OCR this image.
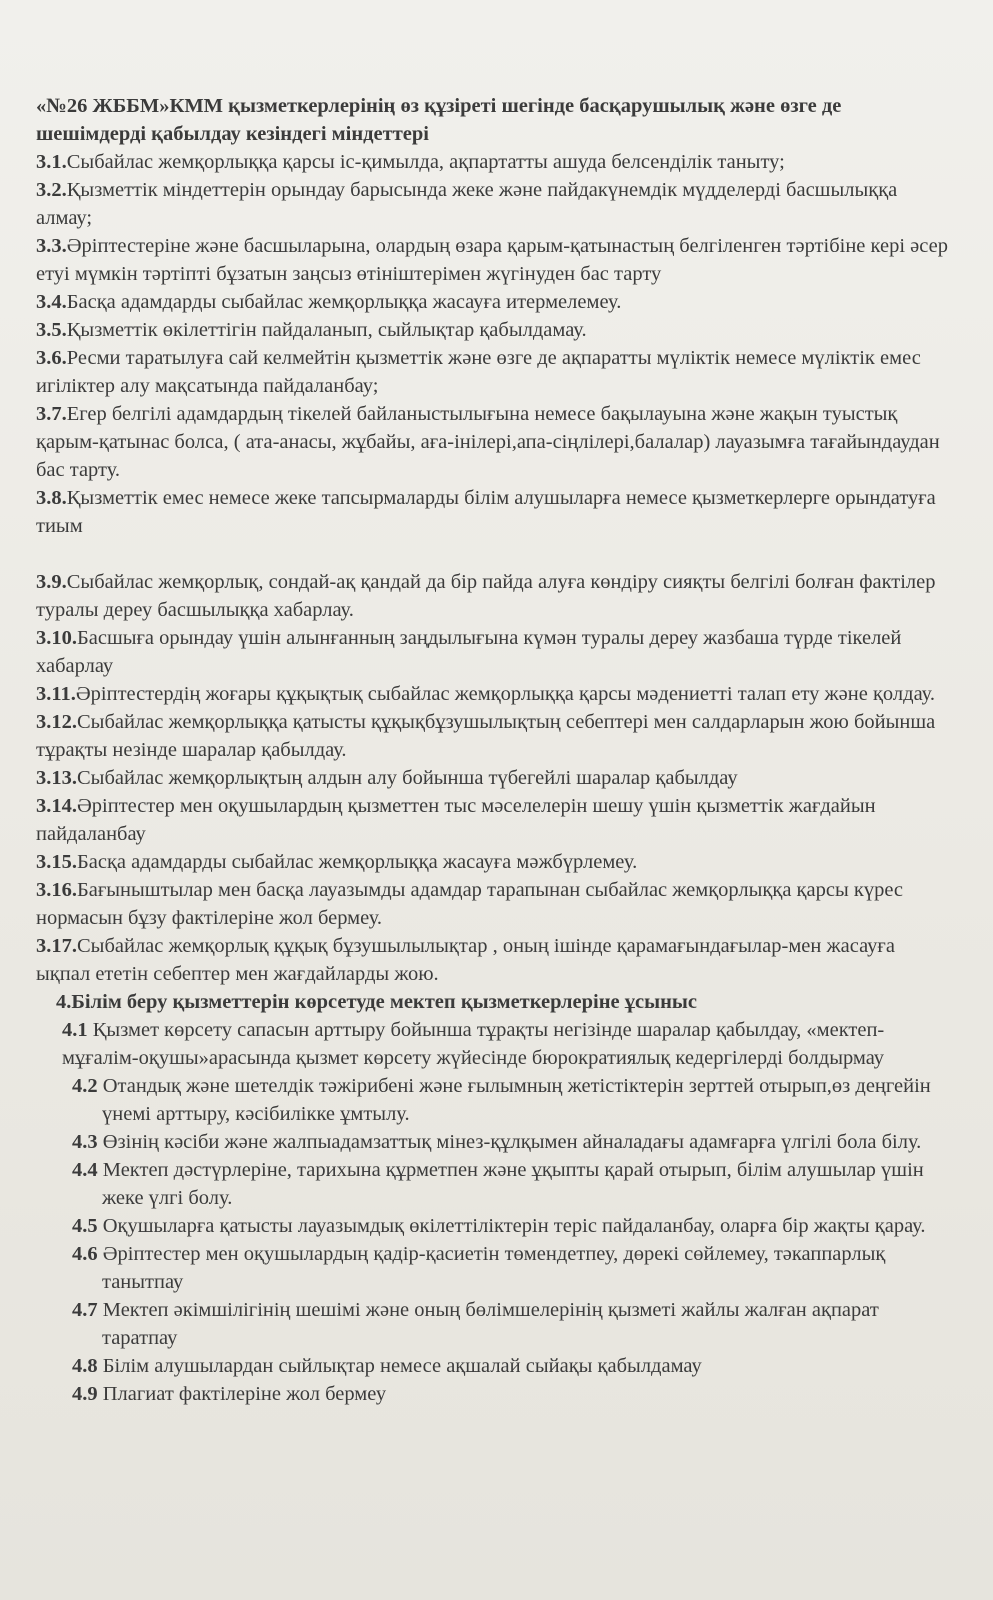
«№26 ЖББМ»КММ қызметкерлерінің өз құзіреті шегінде басқарушылық және өзге де шешімдерді қабылдау кезіндегі міндеттері

3.1.Сыбайлас жемқорлыққа қарсы іс-қимылда, ақпартатты ашуда белсенділік таныту;

3.2.Қызметтік міндеттерін орындау барысында жеке және пайдакүнемдік мүдделерді басшылыққа алмау;

3.3.Әріптестеріне және басшыларына, олардың өзара қарым-қатынастың белгіленген тәртібіне кері әсер етуі мүмкін тәртіпті бұзатын заңсыз өтініштерімен жүгінуден бас тарту

3.4.Басқа адамдарды сыбайлас жемқорлыққа жасауға итермелемеу.

3.5.Қызметтік өкілеттігін пайдаланып, сыйлықтар қабылдамау.

3.6.Ресми таратылуға сай келмейтін қызметтік және өзге де ақпаратты мүліктік немесе мүліктік емес игіліктер алу мақсатында пайдаланбау;

3.7.Егер белгілі адамдардың тікелей байланыстылығына немесе бақылауына және жақын туыстық қарым-қатынас болса, ( ата-анасы, жұбайы, аға-інілері,апа-сіңлілері,балалар) лауазымға тағайындаудан бас тарту.

3.8.Қызметтік емес немесе жеке тапсырмаларды білім алушыларға немесе қызметкерлерге орындатуға тиым

3.9.Сыбайлас жемқорлық, сондай-ақ қандай да бір пайда алуға көндіру сияқты белгілі болған фактілер туралы дереу басшылыққа хабарлау.

3.10.Басшыға орындау үшін алынғанның заңдылығына күмән туралы дереу жазбаша түрде тікелей хабарлау

3.11.Әріптестердің жоғары құқықтық сыбайлас жемқорлыққа қарсы мәдениетті талап ету және қолдау.

3.12.Сыбайлас жемқорлыққа қатысты құқықбұзушылықтың себептері мен салдарларын жою бойынша тұрақты незінде шаралар қабылдау.

3.13.Сыбайлас жемқорлықтың алдын алу бойынша түбегейлі шаралар қабылдау

3.14.Әріптестер мен оқушылардың қызметтен тыс мәселелерін шешу үшін қызметтік жағдайын пайдаланбау

3.15.Басқа адамдарды сыбайлас жемқорлыққа жасауға мәжбүрлемеу.

3.16.Бағыныштылар мен басқа лауазымды адамдар тарапынан сыбайлас жемқорлыққа қарсы күрес нормасын бұзу фактілеріне жол бермеу.

3.17.Сыбайлас жемқорлық құқық бұзушылылықтар , оның ішінде қарамағындағылар-мен жасауға ықпал ететін себептер мен жағдайларды жою.

4.Білім беру қызметтерін көрсетуде мектеп қызметкерлеріне ұсыныс

4.1 Қызмет көрсету сапасын арттыру бойынша тұрақты негізінде шаралар қабылдау, «мектеп-мұғалім-оқушы»арасында қызмет көрсету жүйесінде бюрократиялық кедергілерді болдырмау

4.2 Отандық және шетелдік тәжірибені және ғылымның жетістіктерін зерттей отырып,өз деңгейін үнемі арттыру, кәсібилікке ұмтылу.

4.3 Өзінің кәсіби және жалпыадамзаттық мінез-құлқымен айналадағы адамғарға үлгілі бола білу.

4.4 Мектеп дәстүрлеріне, тарихына құрметпен және ұқыпты қарай отырып, білім алушылар үшін жеке үлгі болу.

4.5 Оқушыларға қатысты лауазымдық өкілеттіліктерін теріс пайдаланбау, оларға бір жақты қарау.

4.6 Әріптестер мен оқушылардың қадір-қасиетін төмендетпеу, дөрекі сөйлемеу, тәкаппарлық танытпау

4.7 Мектеп әкімшілігінің шешімі және оның бөлімшелерінің қызметі жайлы жалған ақпарат таратпау

4.8 Білім алушылардан сыйлықтар немесе ақшалай сыйақы қабылдамау

4.9 Плагиат фактілеріне жол бермеу
